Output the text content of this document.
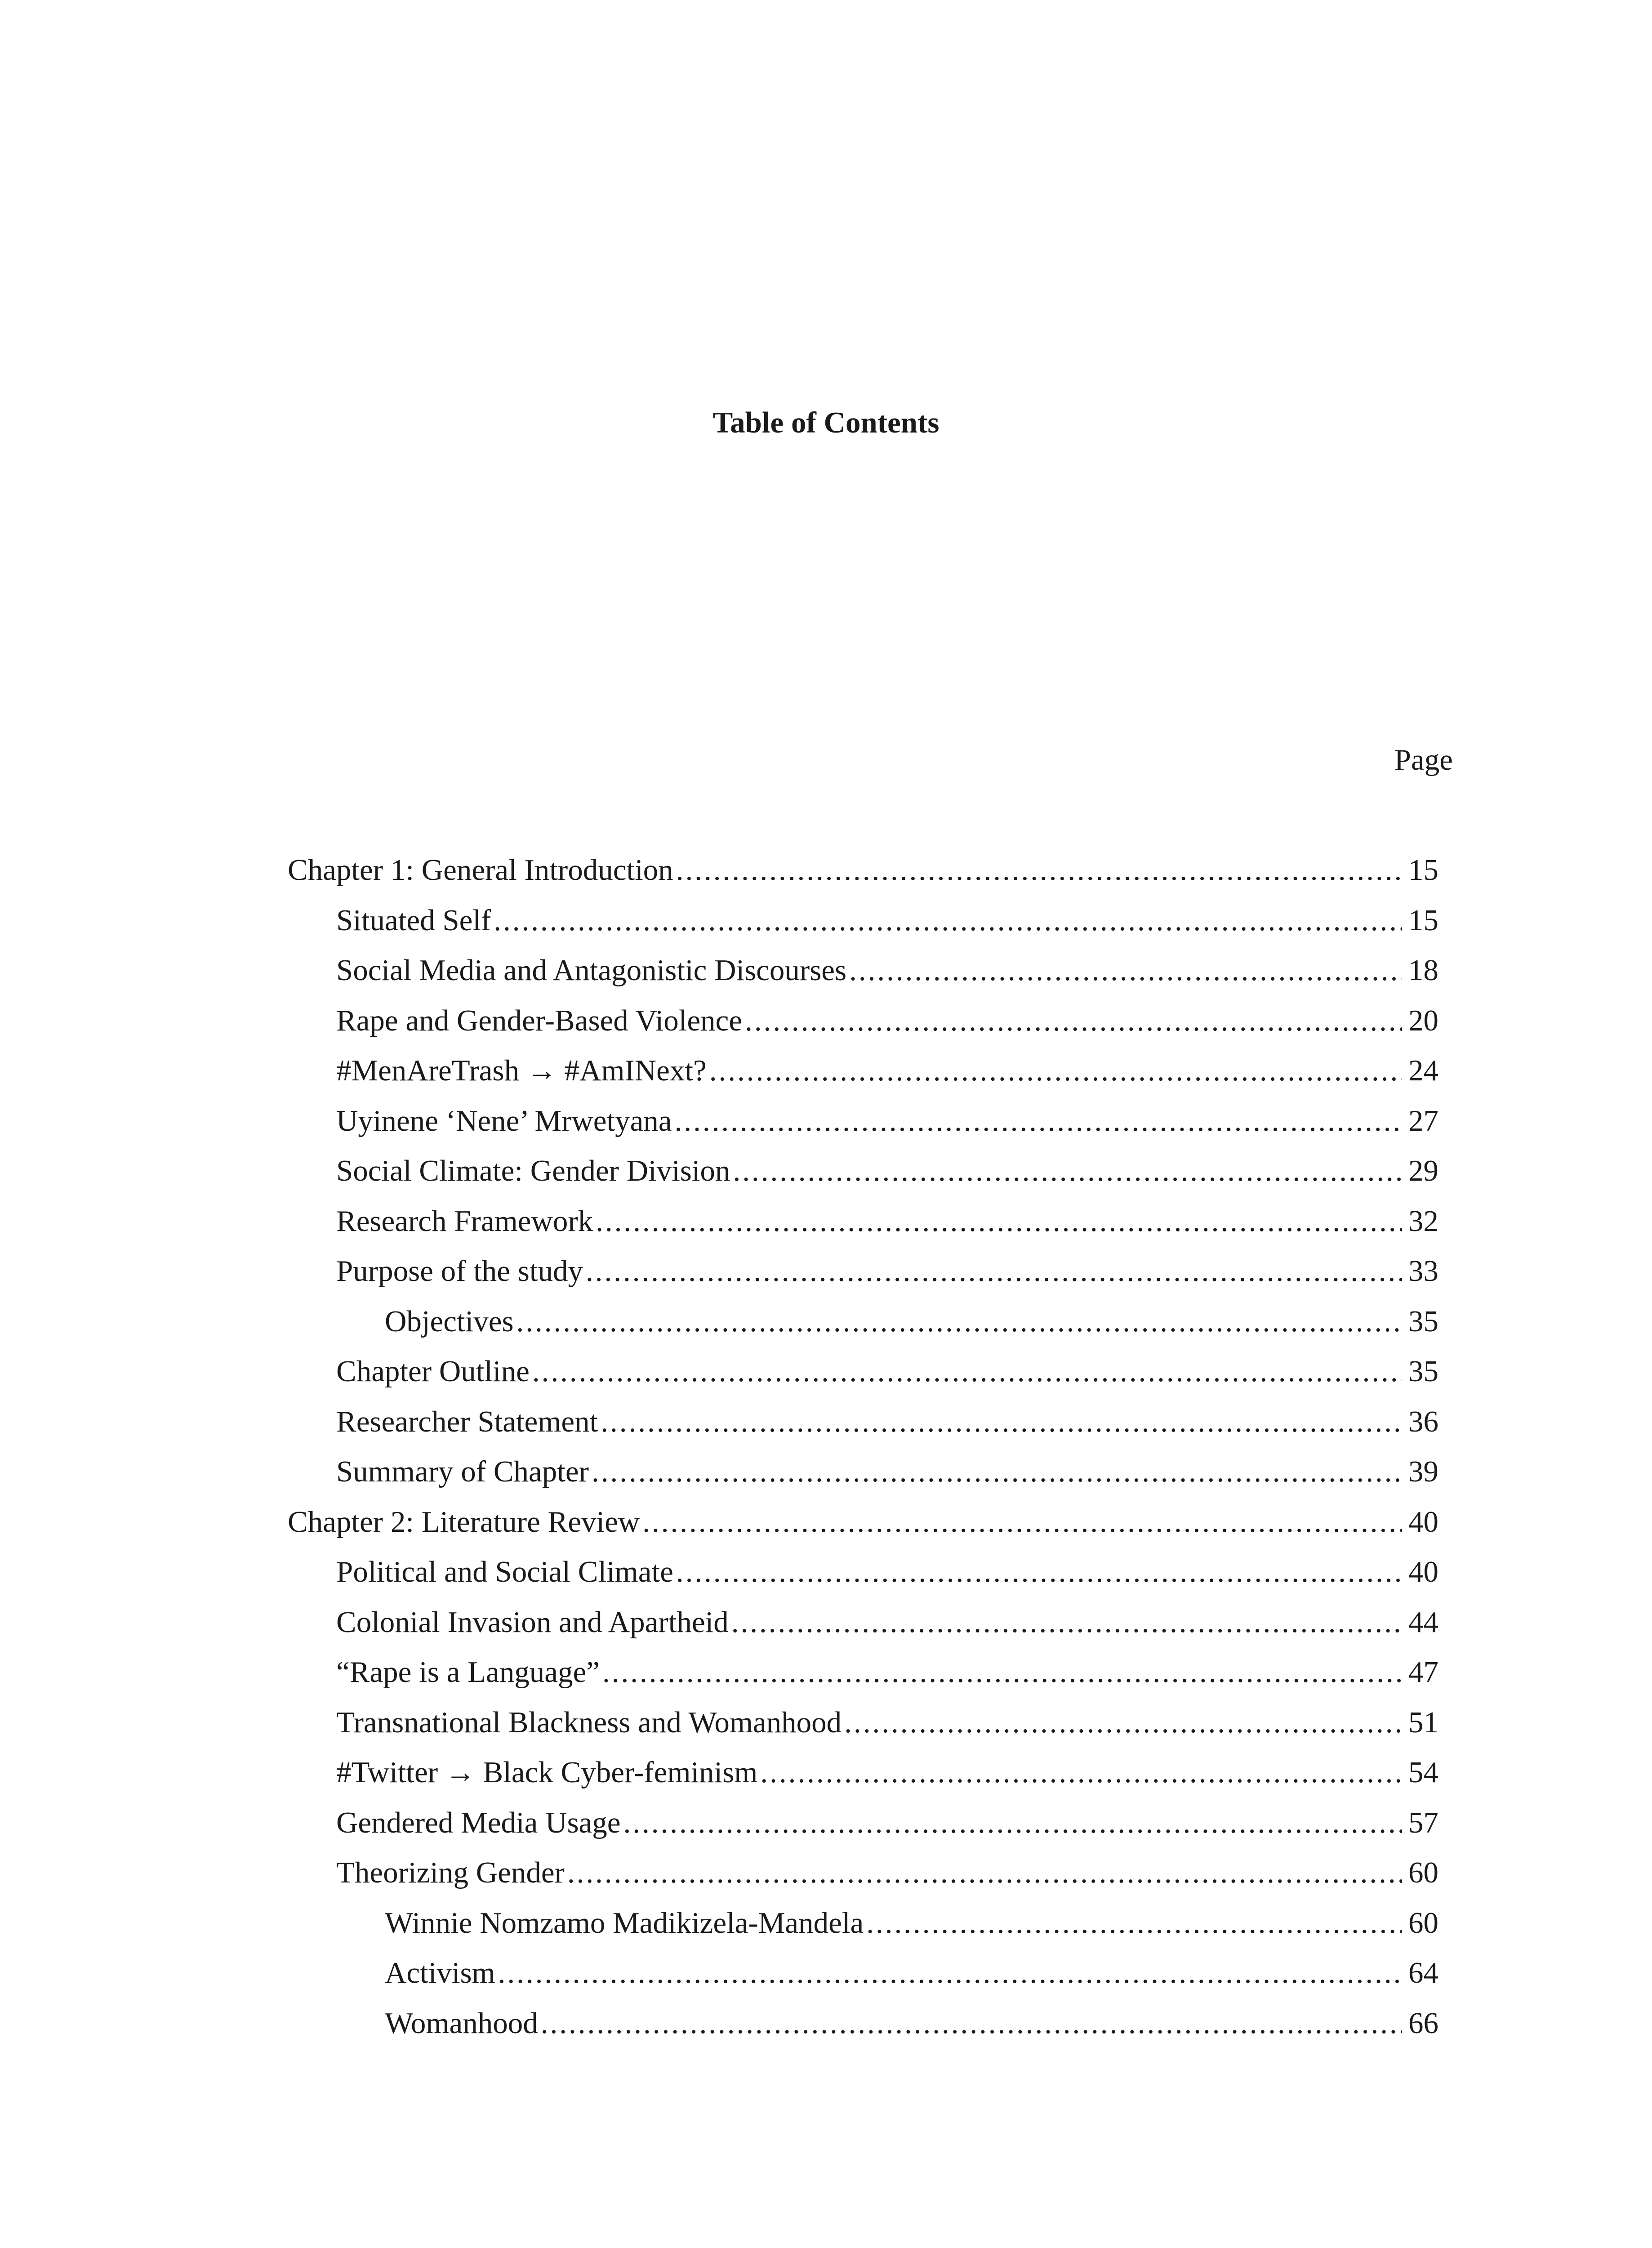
Table of Contents
Page
Chapter 1: General Introduction .....	15
Situated Self .....	15
Social Media and Antagonistic Discourses .....	18
Rape and Gender-Based Violence .....	20
#MenAreTrash → #AmINext? .....	24
Uyinene ‘Nene’ Mrwetyana .....	27
Social Climate: Gender Division .....	29
Research Framework .....	32
Purpose of the study .....	33
Objectives .....	35
Chapter Outline .....	35
Researcher Statement .....	36
Summary of Chapter .....	39
Chapter 2: Literature Review .....	40
Political and Social Climate .....	40
Colonial Invasion and Apartheid .....	44
“Rape is a Language” .....	47
Transnational Blackness and Womanhood .....	51
#Twitter → Black Cyber-feminism .....	54
Gendered Media Usage .....	57
Theorizing Gender .....	60
Winnie Nomzamo Madikizela-Mandela .....	60
Activism .....	64
Womanhood .....	66
